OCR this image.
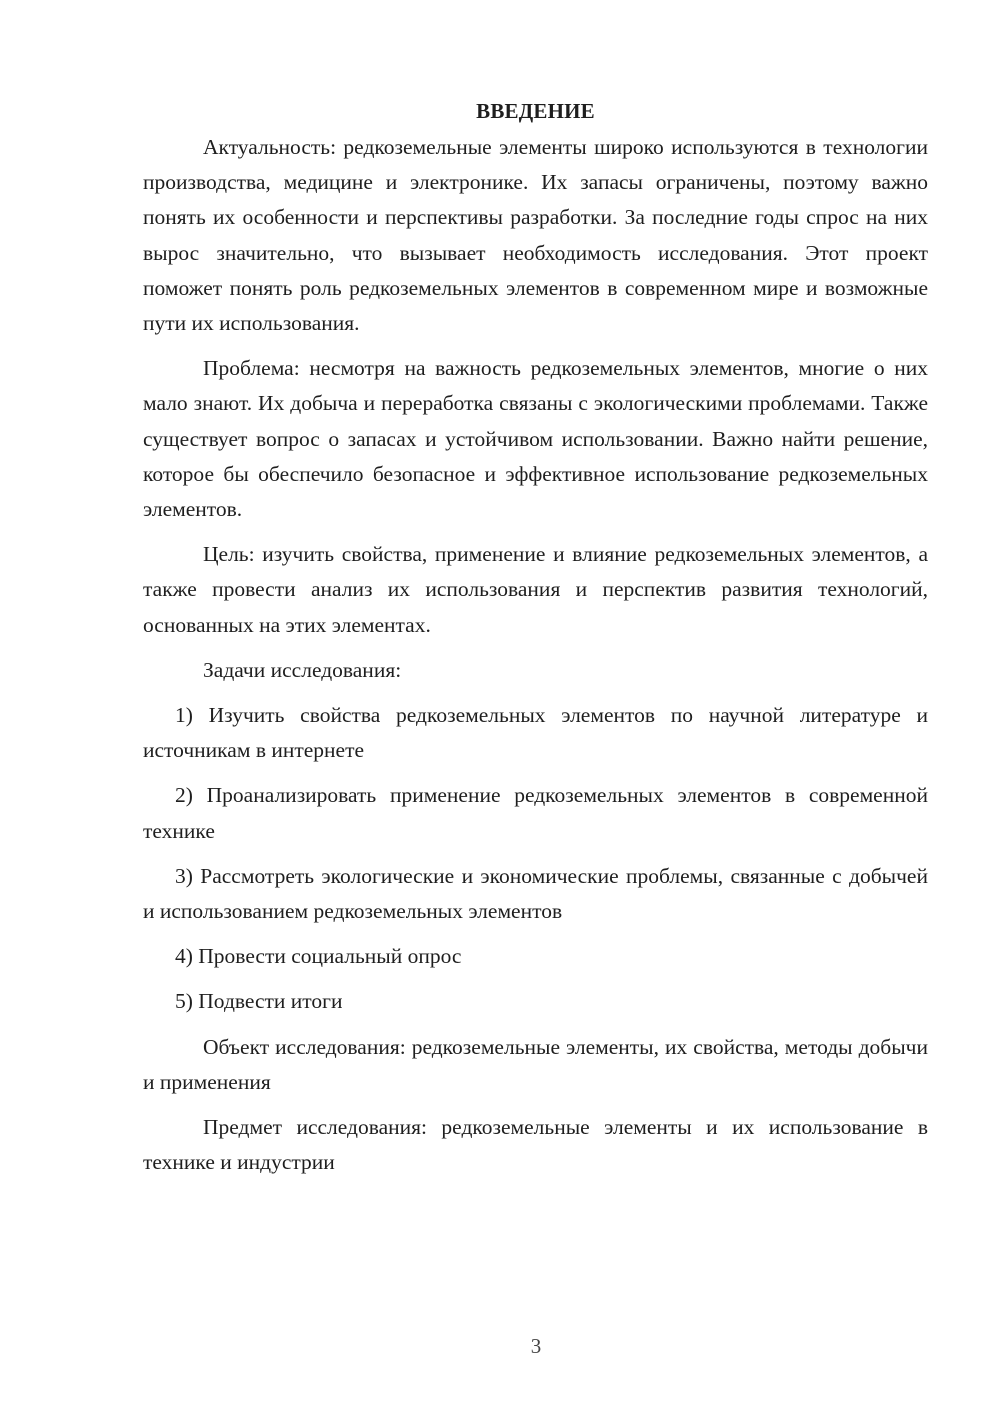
ВВЕДЕНИЕ

Актуальность: редкоземельные элементы широко используются в технологии производства, медицине и электронике. Их запасы ограничены, поэтому важно понять их особенности и перспективы разработки. За последние годы спрос на них вырос значительно, что вызывает необходимость исследования. Этот проект поможет понять роль редкоземельных элементов в современном мире и возможные пути их использования.

Проблема: несмотря на важность редкоземельных элементов, многие о них мало знают. Их добыча и переработка связаны с экологическими проблемами. Также существует вопрос о запасах и устойчивом использовании. Важно найти решение, которое бы обеспечило безопасное и эффективное использование редкоземельных элементов.

Цель: изучить свойства, применение и влияние редкоземельных элементов, а также провести анализ их использования и перспектив развития технологий, основанных на этих элементах.

Задачи исследования:

1) Изучить свойства редкоземельных элементов по научной литературе и источникам в интернете

2) Проанализировать применение редкоземельных элементов в современной технике

3) Рассмотреть экологические и экономические проблемы, связанные с добычей и использованием редкоземельных элементов

4) Провести социальный опрос

5) Подвести итоги

Объект исследования: редкоземельные элементы, их свойства, методы добычи и применения

Предмет исследования: редкоземельные элементы и их использование в технике и индустрии

3
